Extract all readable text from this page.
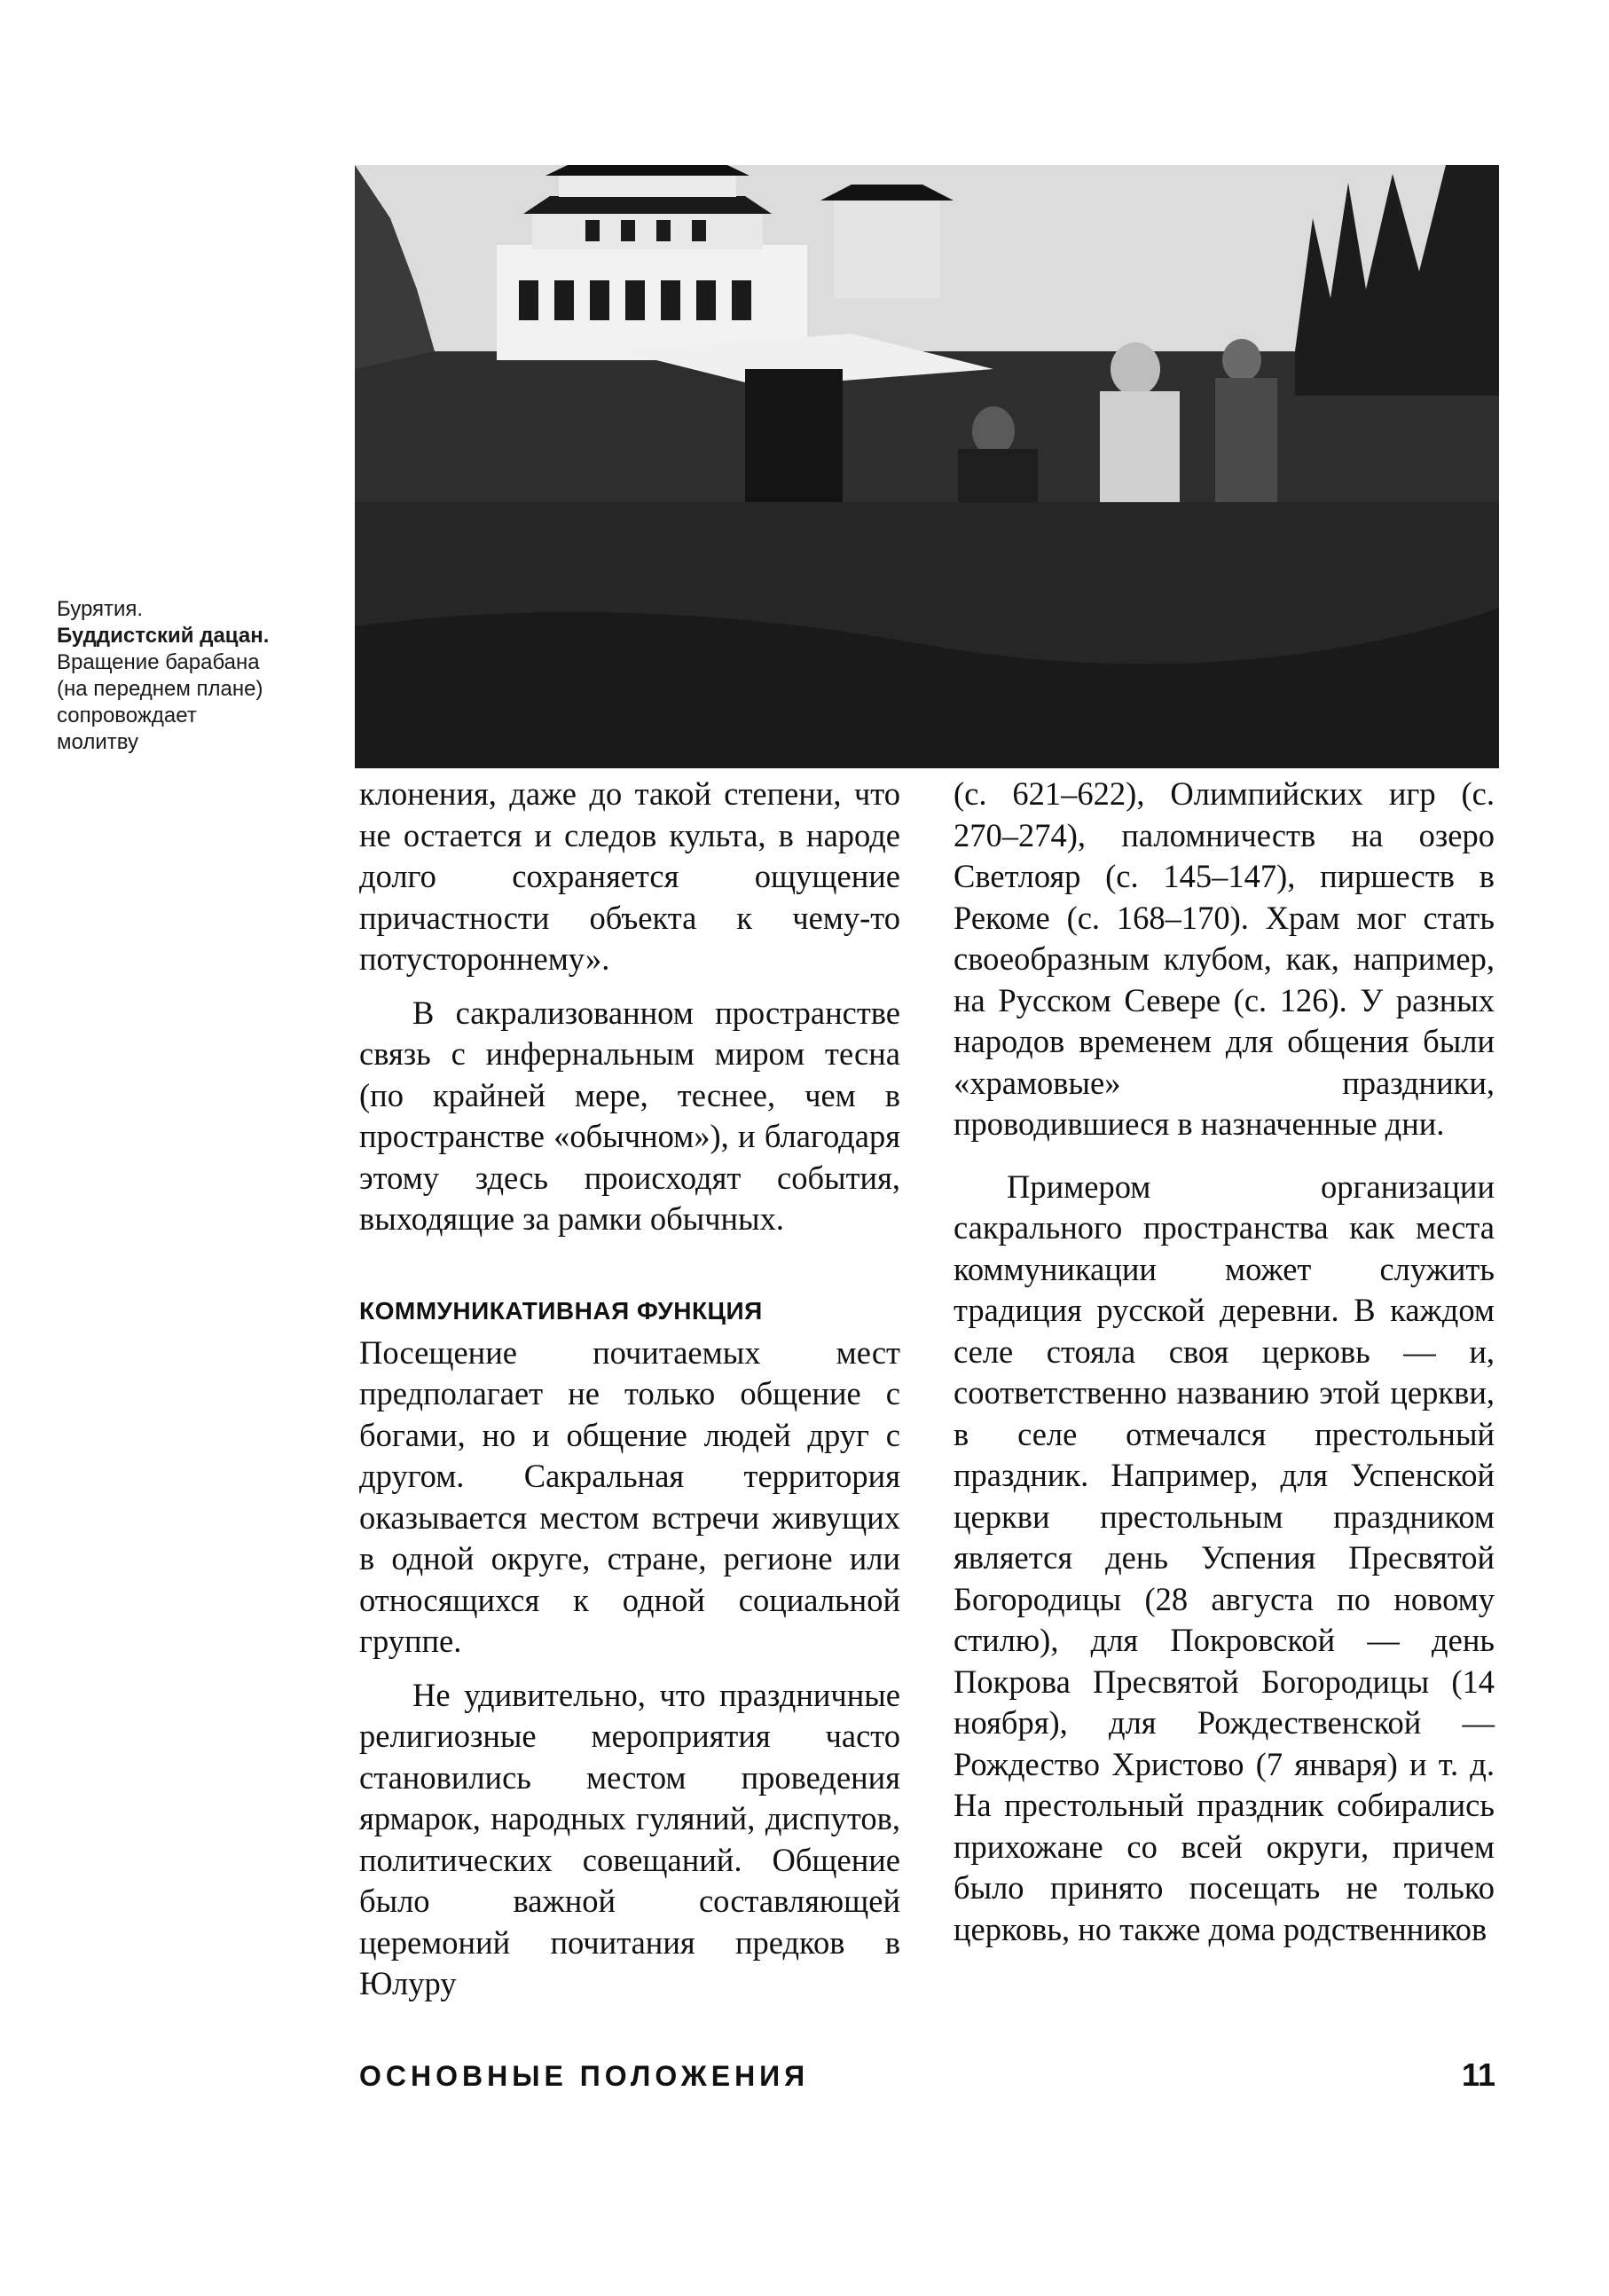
Бурятия.
Буддистский дацан.
Вращение барабана
(на переднем плане)
сопровождает
молитву

клонения, даже до такой степени, что не остается и следов культа, в народе долго сохраняется ощущение причастности объекта к чему-то потустороннему».

В сакрализованном пространстве связь с инфернальным миром тесна (по крайней мере, теснее, чем в пространстве «обычном»), и благодаря этому здесь происходят события, выходящие за рамки обычных.

КОММУНИКАТИВНАЯ ФУНКЦИЯ

Посещение почитаемых мест предполагает не только общение с богами, но и общение людей друг с другом. Сакральная территория оказывается местом встречи живущих в одной округе, стране, регионе или относящихся к одной социальной группе.

Не удивительно, что праздничные религиозные мероприятия часто становились местом проведения ярмарок, народных гуляний, диспутов, политических совещаний. Общение было важной составляющей церемоний почитания предков в Юлуру

(с. 621–622), Олимпийских игр (с. 270–274), паломничеств на озеро Светлояр (с. 145–147), пиршеств в Рекоме (с. 168–170). Храм мог стать своеобразным клубом, как, например, на Русском Севере (с. 126). У разных народов временем для общения были «храмовые» праздники, проводившиеся в назначенные дни.

Примером организации сакрального пространства как места коммуникации может служить традиция русской деревни. В каждом селе стояла своя церковь — и, соответственно названию этой церкви, в селе отмечался престольный праздник. Например, для Успенской церкви престольным праздником является день Успения Пресвятой Богородицы (28 августа по новому стилю), для Покровской — день Покрова Пресвятой Богородицы (14 ноября), для Рождественской — Рождество Христово (7 января) и т. д. На престольный праздник собирались прихожане со всей округи, причем было принято посещать не только церковь, но также дома родственников

ОСНОВНЫЕ ПОЛОЖЕНИЯ	11
